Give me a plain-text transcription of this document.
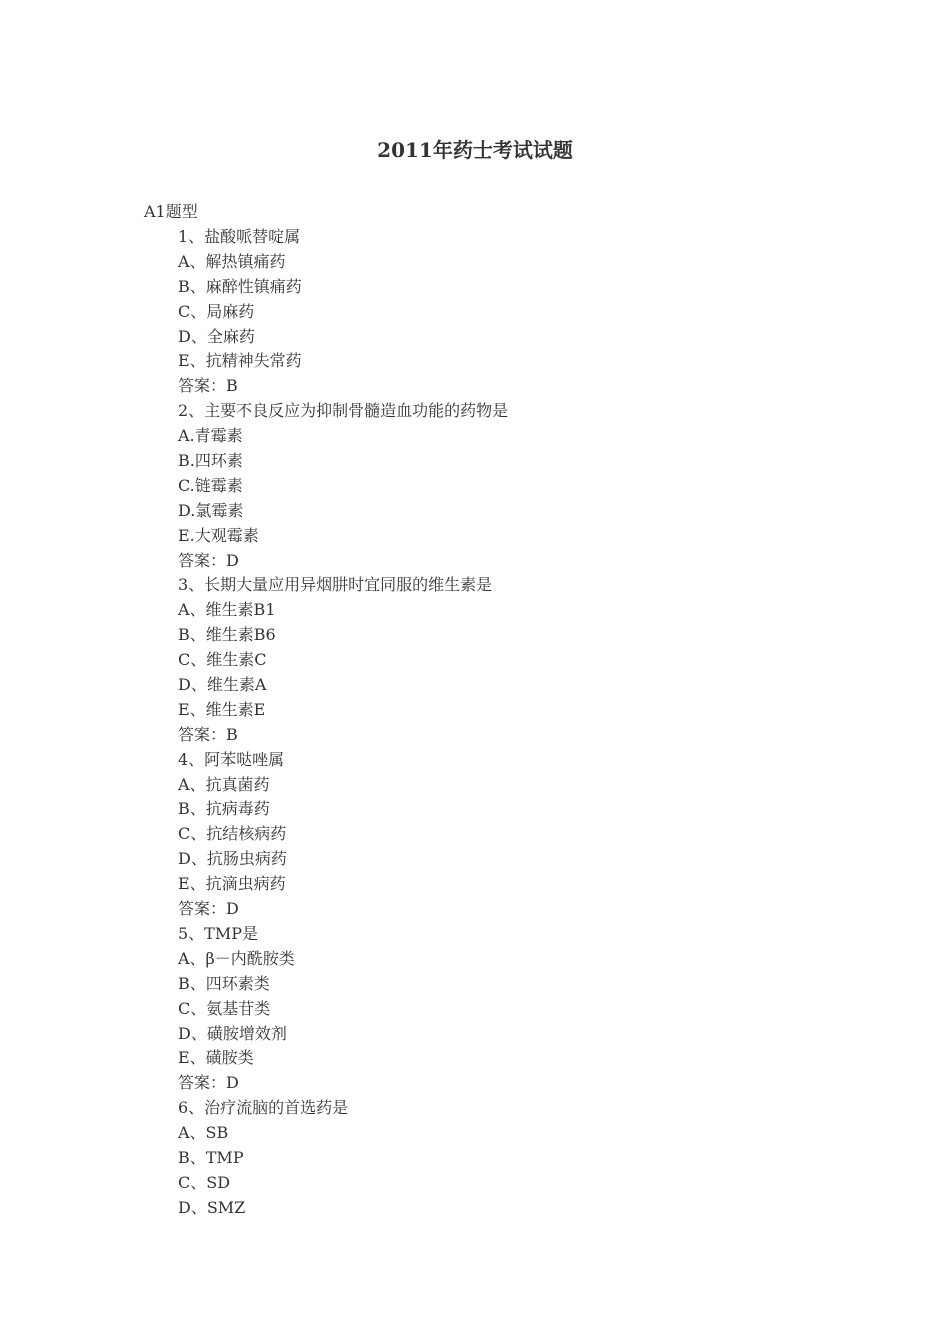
2011年药士考试试题
A1题型
1、盐酸哌替啶属
A、解热镇痛药
B、麻醉性镇痛药
C、局麻药
D、全麻药
E、抗精神失常药
答案：B
2、主要不良反应为抑制骨髓造血功能的药物是
A.青霉素
B.四环素
C.链霉素
D.氯霉素
E.大观霉素
答案：D
3、长期大量应用异烟肼时宜同服的维生素是
A、维生素B1
B、维生素B6
C、维生素C
D、维生素A
E、维生素E
答案：B
4、阿苯哒唑属
A、抗真菌药
B、抗病毒药
C、抗结核病药
D、抗肠虫病药
E、抗滴虫病药
答案：D
5、TMP是
A、β－内酰胺类
B、四环素类
C、氨基苷类
D、磺胺增效剂
E、磺胺类
答案：D
6、治疗流脑的首选药是
A、SB
B、TMP
C、SD
D、SMZ
